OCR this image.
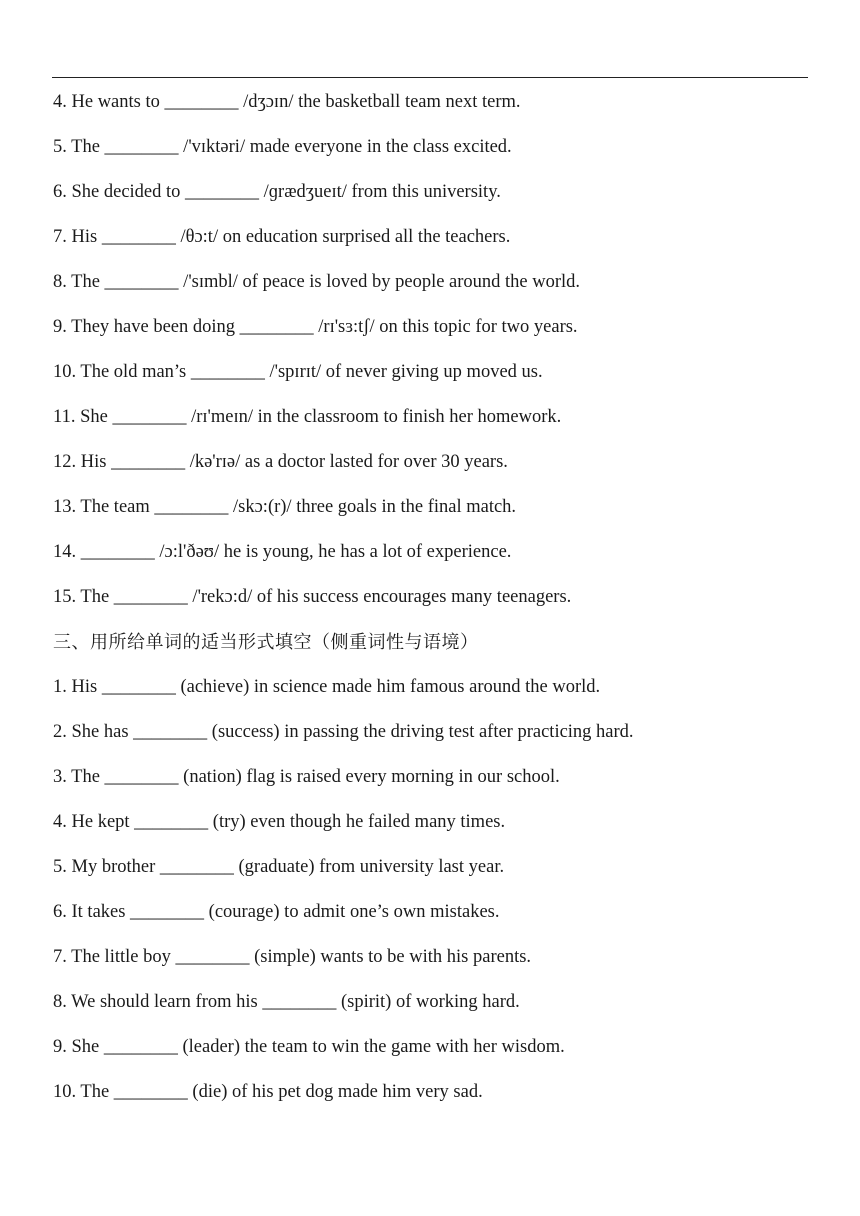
4. He wants to ________ /dʒɔɪn/ the basketball team next term.
5. The ________ /'vɪktəri/ made everyone in the class excited.
6. She decided to ________ /ɡrædʒueɪt/ from this university.
7. His ________ /θɔ:t/ on education surprised all the teachers.
8. The ________ /'sɪmbl/ of peace is loved by people around the world.
9. They have been doing ________ /rɪ'sɜ:tʃ/ on this topic for two years.
10. The old man’s ________ /'spɪrɪt/ of never giving up moved us.
11. She ________ /rɪ'meɪn/ in the classroom to finish her homework.
12. His ________ /kə'rɪə/ as a doctor lasted for over 30 years.
13. The team ________ /skɔ:(r)/ three goals in the final match.
14. ________ /ɔ:l'ðəʊ/ he is young, he has a lot of experience.
15. The ________ /'rekɔ:d/ of his success encourages many teenagers.
三、用所给单词的适当形式填空（侧重词性与语境）
1. His ________ (achieve) in science made him famous around the world.
2. She has ________ (success) in passing the driving test after practicing hard.
3. The ________ (nation) flag is raised every morning in our school.
4. He kept ________ (try) even though he failed many times.
5. My brother ________ (graduate) from university last year.
6. It takes ________ (courage) to admit one’s own mistakes.
7. The little boy ________ (simple) wants to be with his parents.
8. We should learn from his ________ (spirit) of working hard.
9. She ________ (leader) the team to win the game with her wisdom.
10. The ________ (die) of his pet dog made him very sad.
